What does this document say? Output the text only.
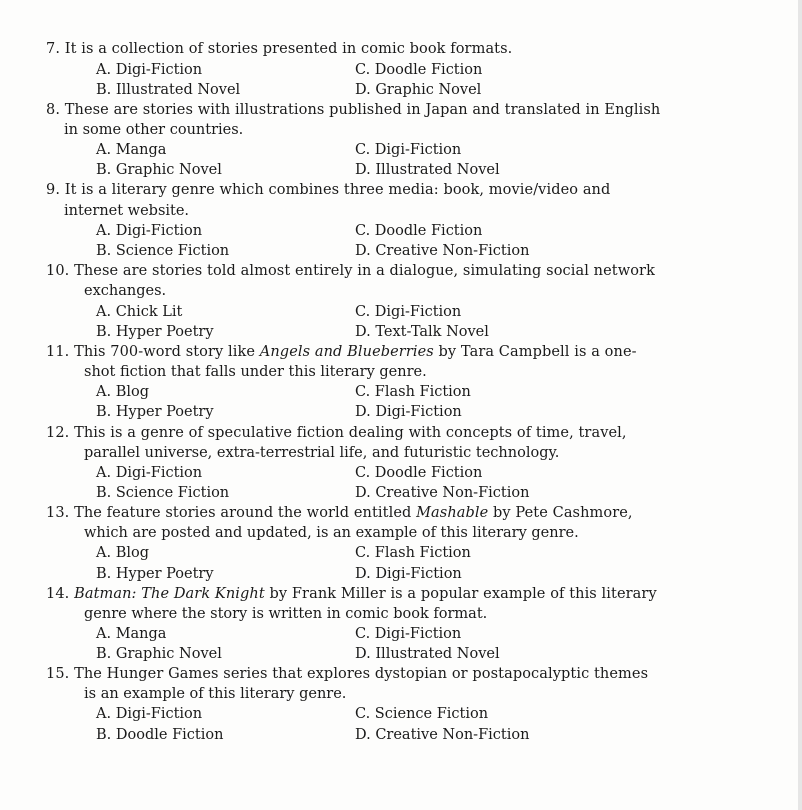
7. It is a collection of stories presented in comic book formats.
A. Digi-Fiction	C. Doodle Fiction
B. Illustrated Novel	D. Graphic Novel
8. These are stories with illustrations published in Japan and translated in English
in some other countries.
A. Manga	C. Digi-Fiction
B. Graphic Novel	D. Illustrated Novel
9. It is a literary genre which combines three media: book, movie/video and
internet website.
A. Digi-Fiction	C. Doodle Fiction
B. Science Fiction	D. Creative Non-Fiction
10. These are stories told almost entirely in a dialogue, simulating social network
exchanges.
A. Chick Lit	C. Digi-Fiction
B. Hyper Poetry	D. Text-Talk Novel
11. This 700-word story like Angels and Blueberries by Tara Campbell is a one-
shot fiction that falls under this literary genre.
A. Blog	C. Flash Fiction
B. Hyper Poetry	D. Digi-Fiction
12. This is a genre of speculative fiction dealing with concepts of time, travel,
parallel universe, extra-terrestrial life, and futuristic technology.
A. Digi-Fiction	C. Doodle Fiction
B. Science Fiction	D. Creative Non-Fiction
13. The feature stories around the world entitled Mashable by Pete Cashmore,
which are posted and updated, is an example of this literary genre.
A. Blog	C. Flash Fiction
B. Hyper Poetry	D. Digi-Fiction
14. Batman: The Dark Knight by Frank Miller is a popular example of this literary
genre where the story is written in comic book format.
A. Manga	C. Digi-Fiction
B. Graphic Novel	D. Illustrated Novel
15. The Hunger Games series that explores dystopian or postapocalyptic themes
is an example of this literary genre.
A. Digi-Fiction	C. Science Fiction
B. Doodle Fiction	D. Creative Non-Fiction
